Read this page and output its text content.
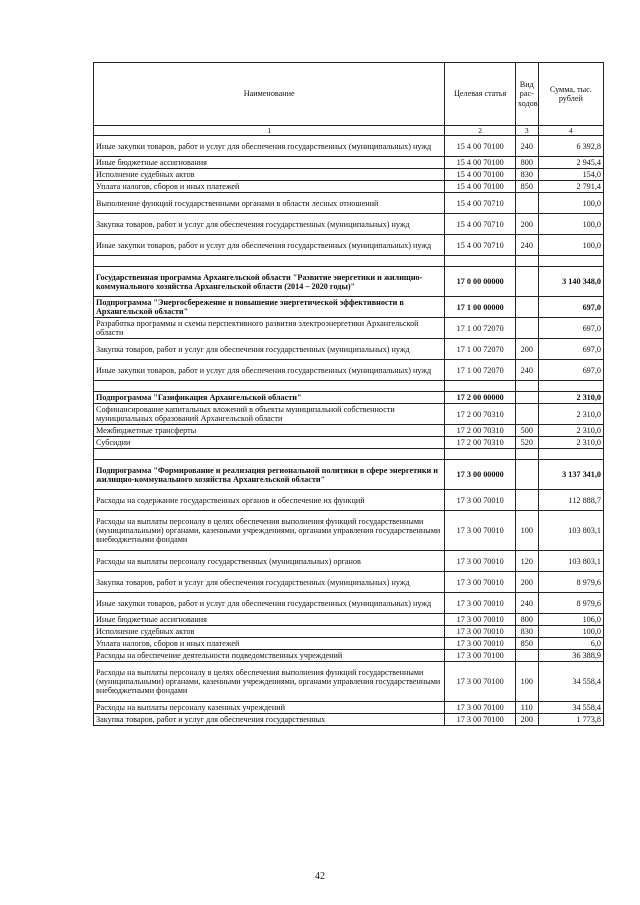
Наименование	Целевая статья	Вид рас-ходов	Сумма, тыс. рублей
1	2	3	4
Иные закупки товаров, работ и услуг для обеспечения государственных (муниципальных) нужд	15 4 00 70100	240	6 392,8
Иные бюджетные ассигнования	15 4 00 70100	800	2 945,4
Исполнение судебных актов	15 4 00 70100	830	154,0
Уплата налогов, сборов и иных платежей	15 4 00 70100	850	2 791,4
Выполнение функций государственными органами в области лесных отношений	15 4 00 70710		100,0
Закупка товаров, работ и услуг для обеспечения государственных (муниципальных) нужд	15 4 00 70710	200	100,0
Иные закупки товаров, работ и услуг для обеспечения государственных (муниципальных) нужд	15 4 00 70710	240	100,0

Государственная программа Архангельской области "Развитие энергетики и жилищно-коммунального хозяйства Архангельской области (2014 – 2020 годы)"	17 0 00 00000		3 140 348,0
Подпрограмма "Энергосбережение и повышение энергетической эффективности в Архангельской области"	17 1 00 00000		697,0
Разработка программы и схемы перспективного развития электроэнергетики Архангельской области	17 1 00 72070		697,0
Закупка товаров, работ и услуг для обеспечения государственных (муниципальных) нужд	17 1 00 72070	200	697,0
Иные закупки товаров, работ и услуг для обеспечения государственных (муниципальных) нужд	17 1 00 72070	240	697,0

Подпрограмма "Газификация Архангельской области"	17 2 00 00000		2 310,0
Софинансирование капитальных вложений в объекты муниципальной собственности муниципальных образований Архангельской области	17 2 00 70310		2 310,0
Межбюджетные трансферты	17 2 00 70310	500	2 310,0
Субсидии	17 2 00 70310	520	2 310,0

Подпрограмма "Формирование и реализация региональной политики в сфере энергетики и жилищно-коммунального хозяйства Архангельской области"	17 3 00 00000		3 137 341,0
Расходы на содержание государственных органов и обеспечение их функций	17 3 00 70010		112 888,7
Расходы на выплаты персоналу в целях обеспечения выполнения функций государственными (муниципальными) органами, казенными учреждениями, органами управления государственными внебюджетными фондами	17 3 00 70010	100	103 803,1
Расходы на выплаты персоналу государственных (муниципальных) органов	17 3 00 70010	120	103 803,1
Закупка товаров, работ и услуг для обеспечения государственных (муниципальных) нужд	17 3 00 70010	200	8 979,6
Иные закупки товаров, работ и услуг для обеспечения государственных (муниципальных) нужд	17 3 00 70010	240	8 979,6
Иные бюджетные ассигнования	17 3 00 70010	800	106,0
Исполнение судебных актов	17 3 00 70010	830	100,0
Уплата налогов, сборов и иных платежей	17 3 00 70010	850	6,0
Расходы на обеспечение деятельности подведомственных учреждений	17 3 00 70100		36 388,9
Расходы на выплаты персоналу в целях обеспечения выполнения функций государственными (муниципальными) органами, казенными учреждениями, органами управления государственными внебюджетными фондами	17 3 00 70100	100	34 558,4
Расходы на выплаты персоналу казенных учреждений	17 3 00 70100	110	34 558,4
Закупка товаров, работ и услуг для обеспечения государственных	17 3 00 70100	200	1 773,8
42
